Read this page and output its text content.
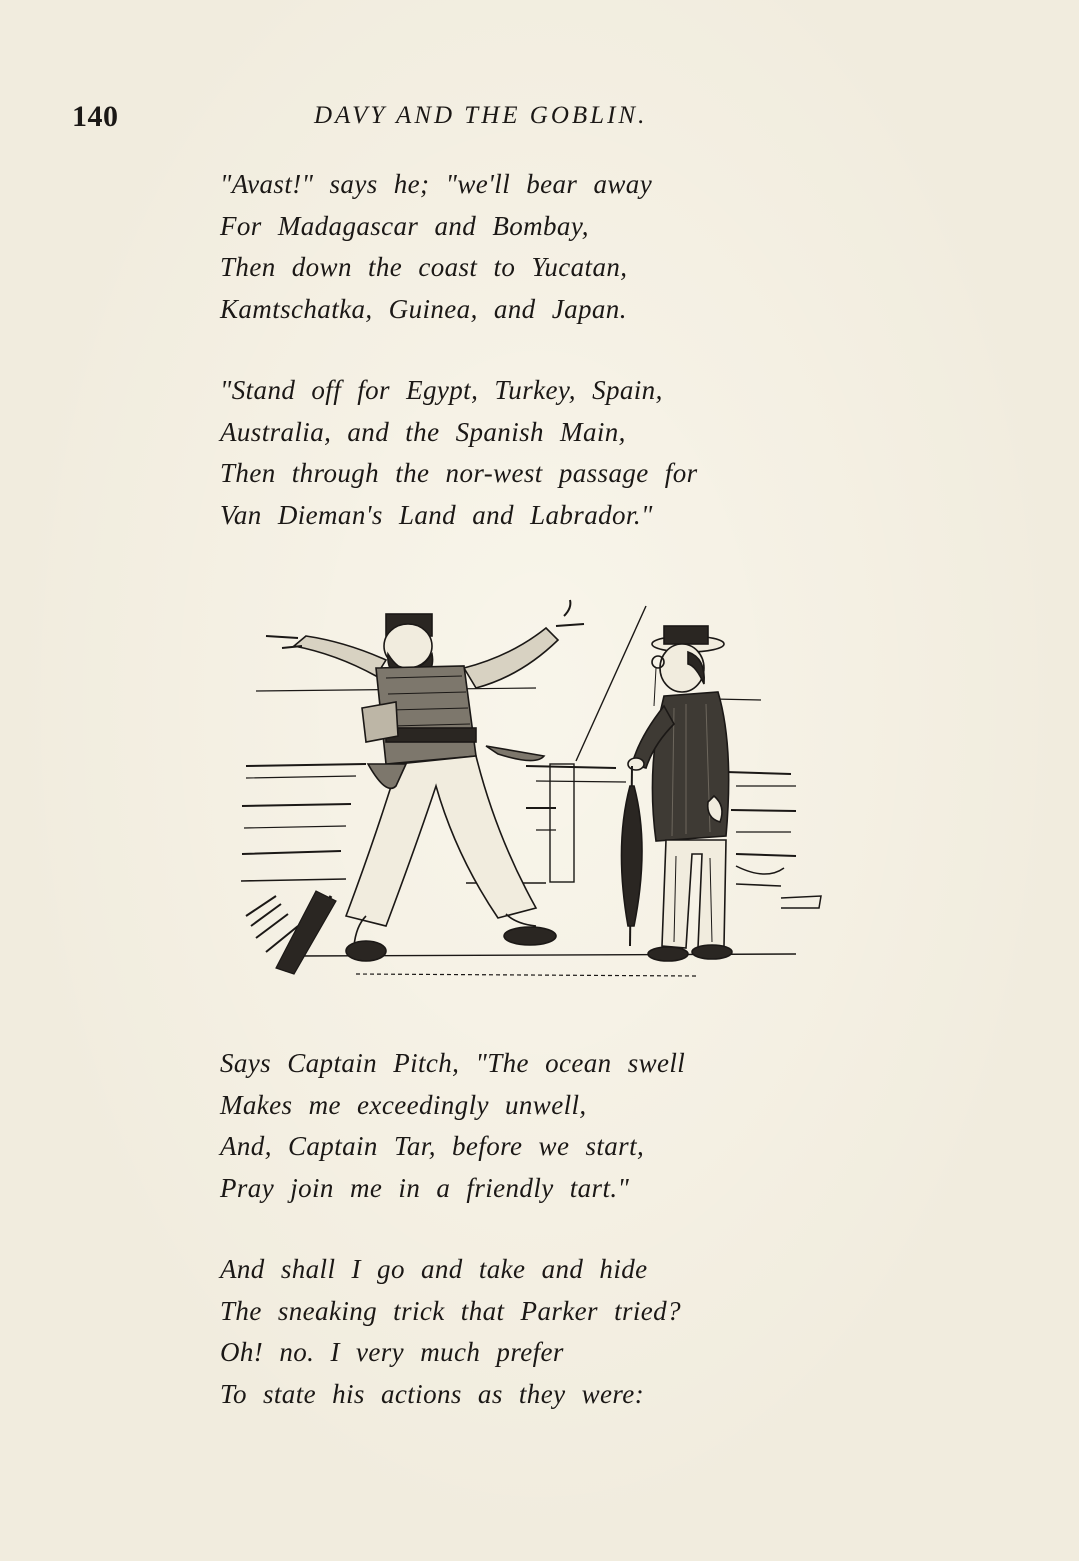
140	DAVY AND THE GOBLIN.
"Avast!" says he; "we'll bear away
For Madagascar and Bombay,
Then down the coast to Yucatan,
Kamtschatka, Guinea, and Japan.
"Stand off for Egypt, Turkey, Spain,
Australia, and the Spanish Main,
Then through the nor-west passage for
Van Dieman's Land and Labrador."
Says Captain Pitch, "The ocean swell
Makes me exceedingly unwell,
And, Captain Tar, before we start,
Pray join me in a friendly tart."
And shall I go and take and hide
The sneaking trick that Parker tried?
Oh! no. I very much prefer
To state his actions as they were:
